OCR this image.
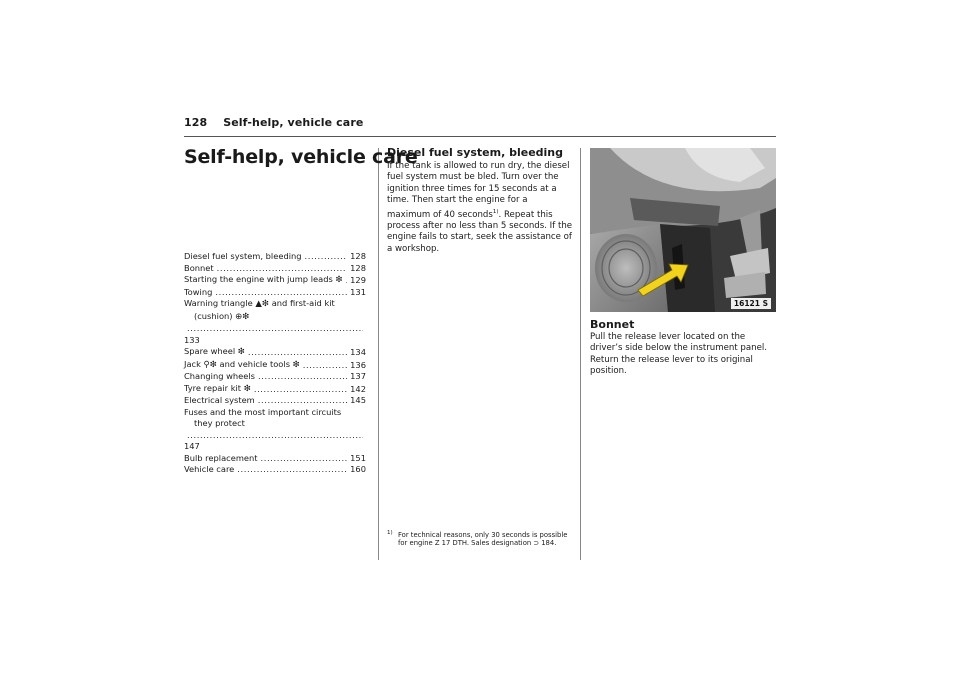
128 Self-help, vehicle care
Self-help, vehicle care
Diesel fuel system, bleeding .....	128
Bonnet .....	128
Starting the engine with jump leads ❇ ..... 129
Towing .....	131
Warning triangle ▲❇ and first-aid kit
(cushion) ⊕❇
.....
133
Spare wheel ❇ .....	134
Jack ⚲❇ and vehicle tools ❇ .....	136
Changing wheels .....	137
Tyre repair kit ❇ .....	142
Electrical system .....	145
Fuses and the most important circuits
they protect
.....
147
Bulb replacement .....	151
Vehicle care .....	160
Diesel fuel system, bleeding

If the tank is allowed to run dry, the diesel fuel system must be bled. Turn over the ignition three times for 15 seconds at a time. Then start the engine for a maximum of 40 seconds$^{1)}$. Repeat this process after no less than 5 seconds. If the engine fails to start, seek the assistance of a workshop.

1) For technical reasons, only 30 seconds is possible for engine Z 17 DTH. Sales designation ⊃ 184.
16121 S
Bonnet

Pull the release lever located on the driver’s side below the instrument panel. Return the release lever to its original position.
